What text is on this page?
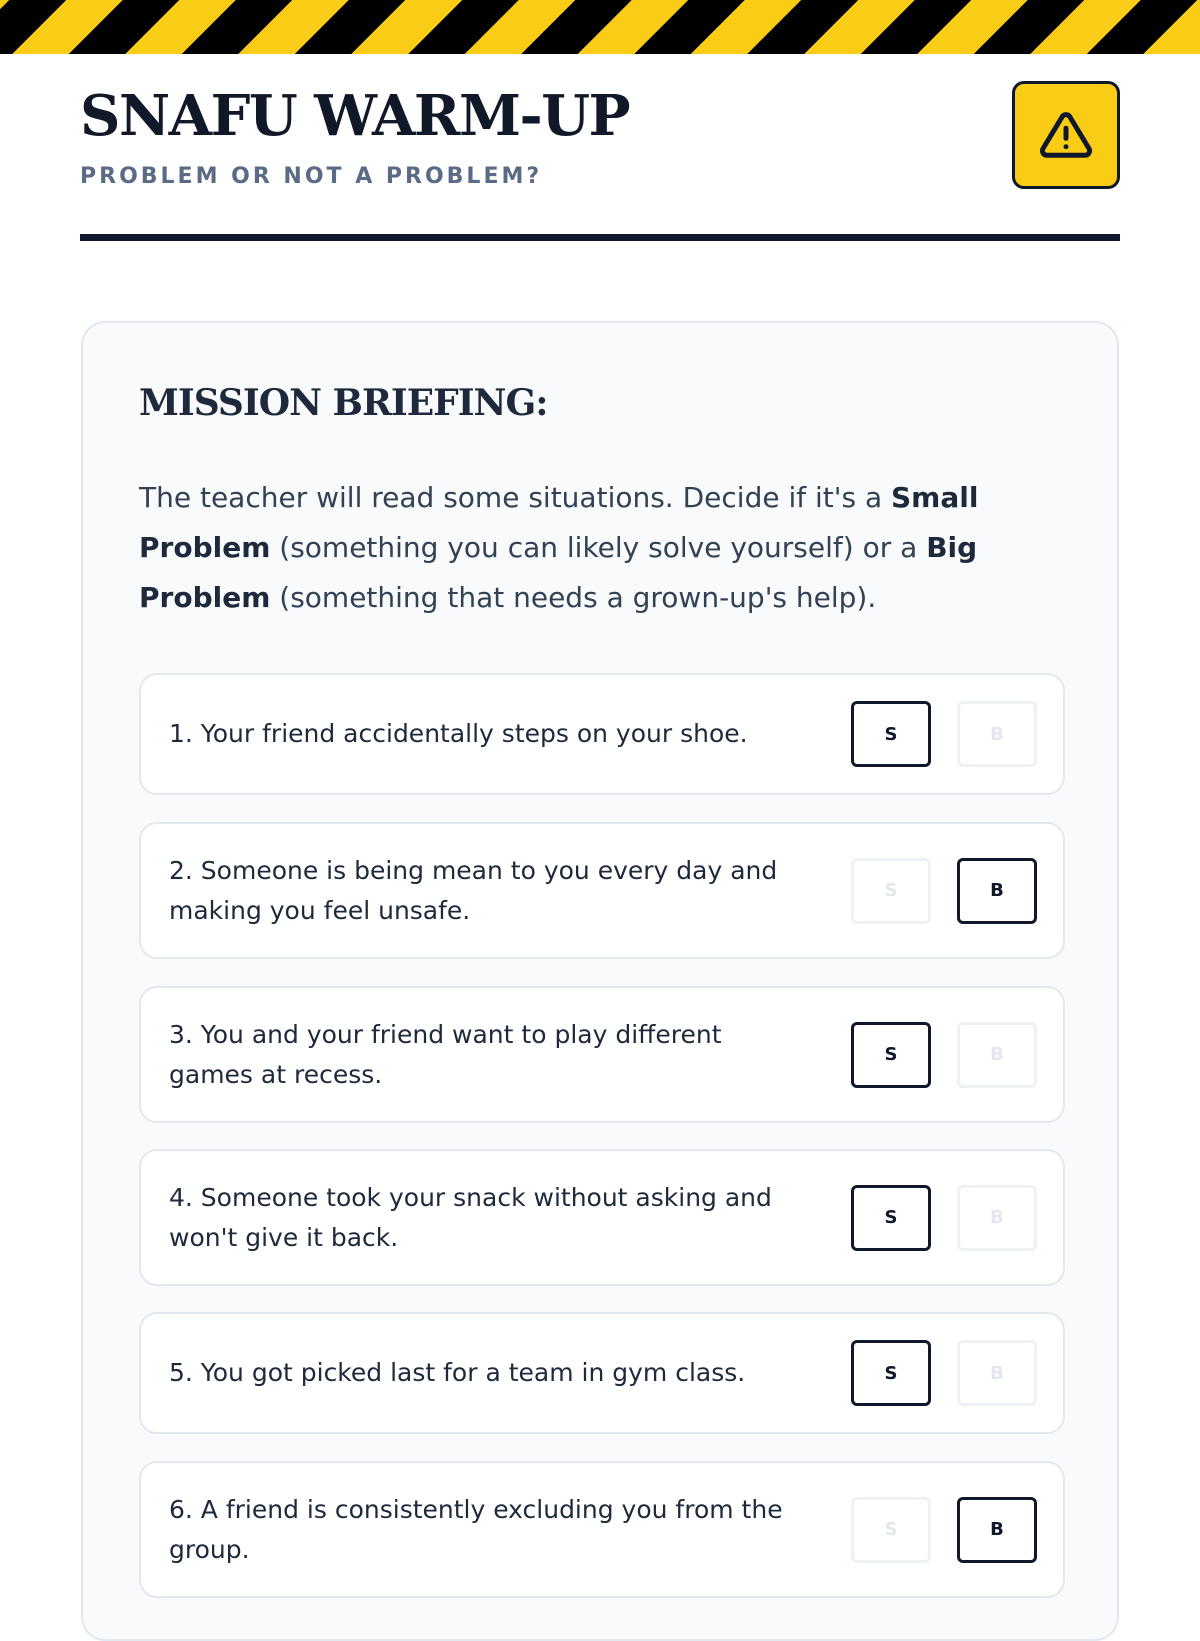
SNAFU WARM-UP
PROBLEM OR NOT A PROBLEM?
MISSION BRIEFING:

The teacher will read some situations. Decide if it's a Small Problem (something you can likely solve yourself) or a Big Problem (something that needs a grown-up's help).

1. Your friend accidentally steps on your shoe.	S	B
2. Someone is being mean to you every day and making you feel unsafe.
S	B
3. You and your friend want to play different games at recess.
S	B
4. Someone took your snack without asking and won't give it back.
S	B
5. You got picked last for a team in gym class.	S	B
6. A friend is consistently excluding you from the group.
S	B
